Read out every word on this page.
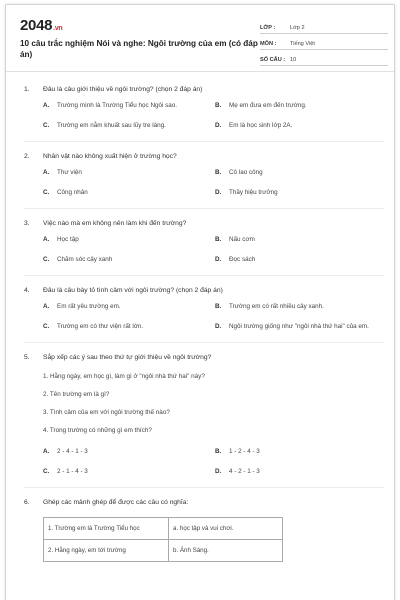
2048.vn
10 câu trắc nghiệm Nói và nghe: Ngôi trường của em (có đáp án)
LỚP :	Lớp 2
MÔN :	Tiếng Việt
SỐ CÂU : 10
1.	Đâu là câu giới thiệu về ngôi trường? (chọn 2 đáp án)
A.	Trường mình là Trường Tiểu học Ngôi sao.	B.	Mẹ em đưa em đến trường.
C.	Trường em nằm khuất sau lũy tre làng.	D.	Em là học sinh lớp 2A.
2.	Nhân vật nào không xuất hiện ở trường học?
A.	Thư viện	B.	Cô lao công
C.	Công nhân	D.	Thầy hiệu trưởng
3.	Việc nào mà em không nên làm khi đến trường?
A.	Học tập	B.	Nấu cơm
C.	Chăm sóc cây xanh	D.	Đọc sách
4.	Đâu là câu bày tỏ tình cảm với ngôi trường? (chọn 2 đáp án)
A.	Em rất yêu trường em.	B.	Trường em có rất nhiều cây xanh.
C.	Trường em có thư viện rất lớn.	D.	Ngôi trường giống như "ngôi nhà thứ hai" của em.
5.	Sắp xếp các ý sau theo thứ tự giới thiệu về ngôi trường?
1. Hằng ngày, em học gì, làm gì ở "ngôi nhà thứ hai" này?
2. Tên trường em là gì?
3. Tình cảm của em với ngôi trường thế nào?
4. Trong trường có những gì em thích?
A.	2 - 4 - 1 - 3	B.	1 - 2 - 4 - 3
C.	2 - 1 - 4 - 3	D.	4 - 2 - 1 - 3
6.	Ghép các mảnh ghép để được các câu có nghĩa:
1. Trường em là Trường Tiểu học	a. học tập và vui chơi.
2. Hằng ngày, em tới trường	b. Ánh Sáng.
